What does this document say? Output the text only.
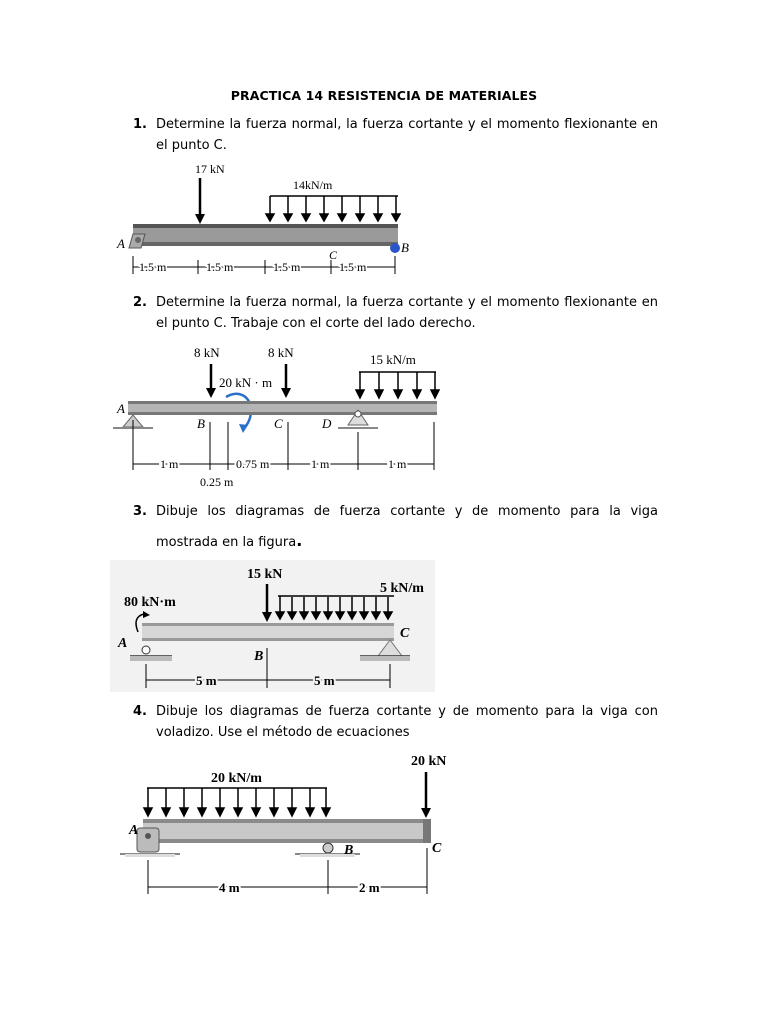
PRACTICA 14 RESISTENCIA DE MATERIALES
1. Determine la fuerza normal, la fuerza cortante y el momento flexionante en el punto C.
17 kN
14kN/m
A	B
C
1.5 m	1.5 m	1.5 m	1.5 m
2. Determine la fuerza normal, la fuerza cortante y el momento flexionante en el punto C. Trabaje con el corte del lado derecho.
8 kN	8 kN
20 kN · m
15 kN/m
A
B	C	D
1 m	0.75 m	1 m	1 m
0.25 m
3. Dibuje los diagramas de fuerza cortante y de momento para la viga mostrada en la figura.
15 kN
5 kN/m
80 kN·m
A
C
B
5 m	5 m
4. Dibuje los diagramas de fuerza cortante y de momento para la viga con voladizo. Use el método de ecuaciones
20 kN
20 kN/m
A
B	C
4 m	2 m
